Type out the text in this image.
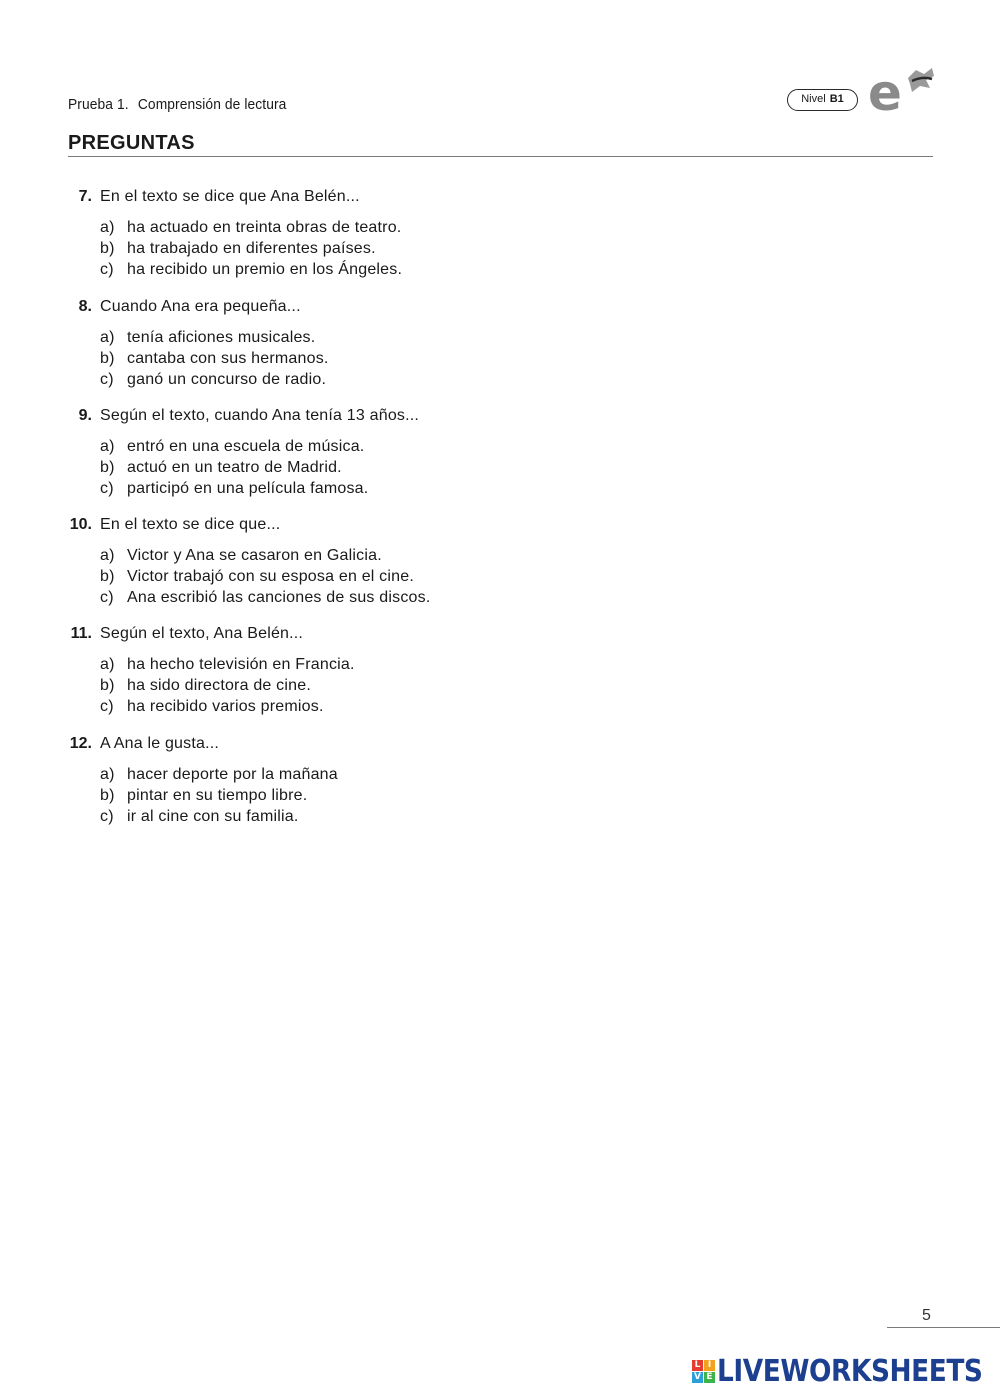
Prueba 1. Comprensión de lectura	Nivel B1 e
PREGUNTAS
7. En el texto se dice que Ana Belén...
a) ha actuado en treinta obras de teatro.
b) ha trabajado en diferentes países.
c) ha recibido un premio en los Ángeles.
8. Cuando Ana era pequeña...
a) tenía aficiones musicales.
b) cantaba con sus hermanos.
c) ganó un concurso de radio.
9. Según el texto, cuando Ana tenía 13 años...
a) entró en una escuela de música.
b) actuó en un teatro de Madrid.
c) participó en una película famosa.
10. En el texto se dice que...
a) Victor y Ana se casaron en Galicia.
b) Victor trabajó con su esposa en el cine.
c) Ana escribió las canciones de sus discos.
11. Según el texto, Ana Belén...
a) ha hecho televisión en Francia.
b) ha sido directora de cine.
c) ha recibido varios premios.
12. A Ana le gusta...
a) hacer deporte por la mañana
b) pintar en su tiempo libre.
c) ir al cine con su familia.
5
L I
V E LIVEWORKSHEETS
